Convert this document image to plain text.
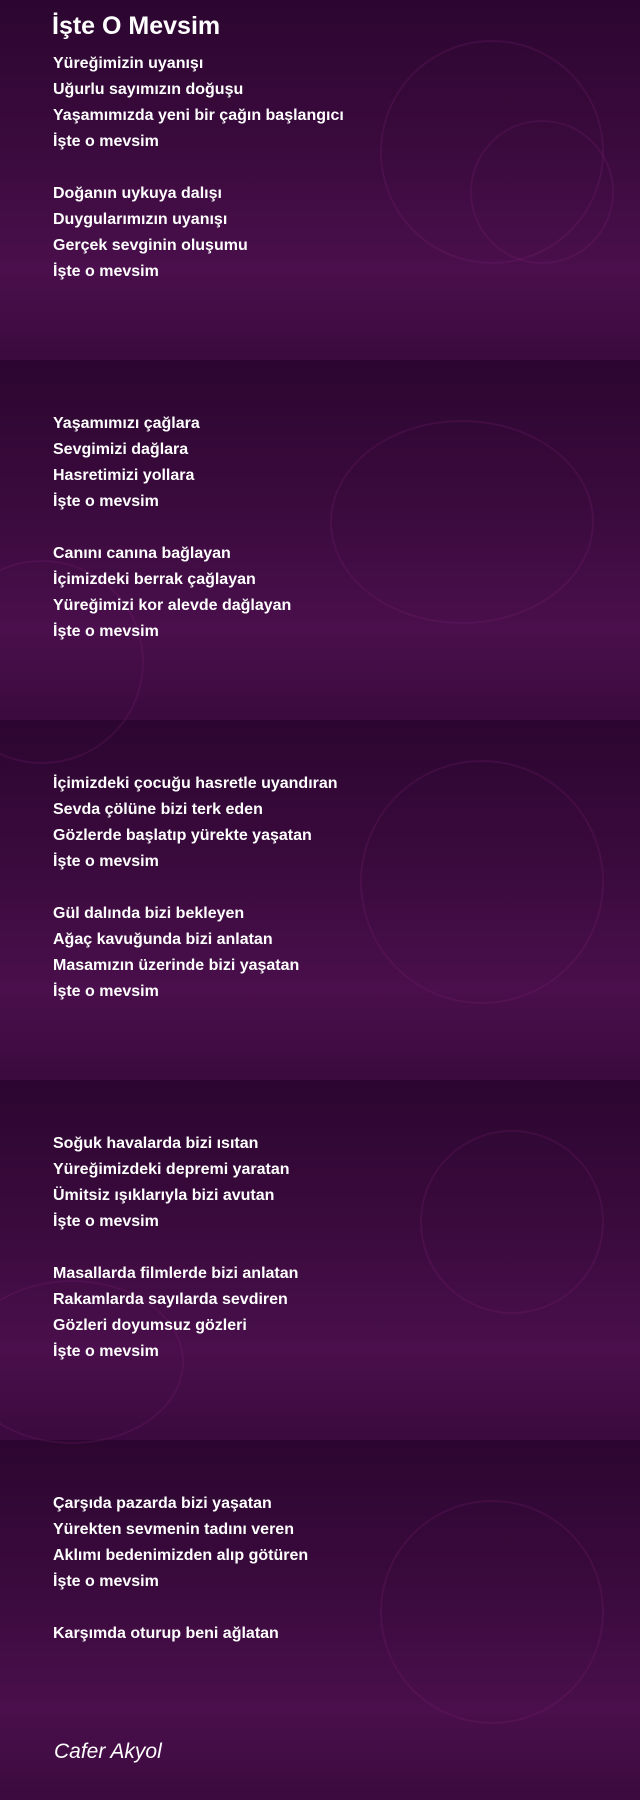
İşte O Mevsim
Yüreğimizin uyanışı
Uğurlu sayımızın doğuşu
Yaşamımızda yeni bir çağın başlangıcı
İşte o mevsim
Doğanın uykuya dalışı
Duygularımızın uyanışı
Gerçek sevginin oluşumu
İşte o mevsim
Yaşamımızı çağlara
Sevgimizi dağlara
Hasretimizi yollara
İşte o mevsim
Canını canına bağlayan
İçimizdeki berrak çağlayan
Yüreğimizi kor alevde dağlayan
İşte o mevsim
İçimizdeki çocuğu hasretle uyandıran
Sevda çölüne bizi terk eden
Gözlerde başlatıp yürekte yaşatan
İşte o mevsim
Gül dalında bizi bekleyen
Ağaç kavuğunda bizi anlatan
Masamızın üzerinde bizi yaşatan
İşte o mevsim
Soğuk havalarda bizi ısıtan
Yüreğimizdeki depremi yaratan
Ümitsiz ışıklarıyla bizi avutan
İşte o mevsim
Masallarda filmlerde bizi anlatan
Rakamlarda sayılarda sevdiren
Gözleri doyumsuz gözleri
İşte o mevsim
Çarşıda pazarda bizi yaşatan
Yürekten sevmenin tadını veren
Aklımı bedenimizden alıp götüren
İşte o mevsim
Karşımda oturup beni ağlatan
Cafer Akyol
